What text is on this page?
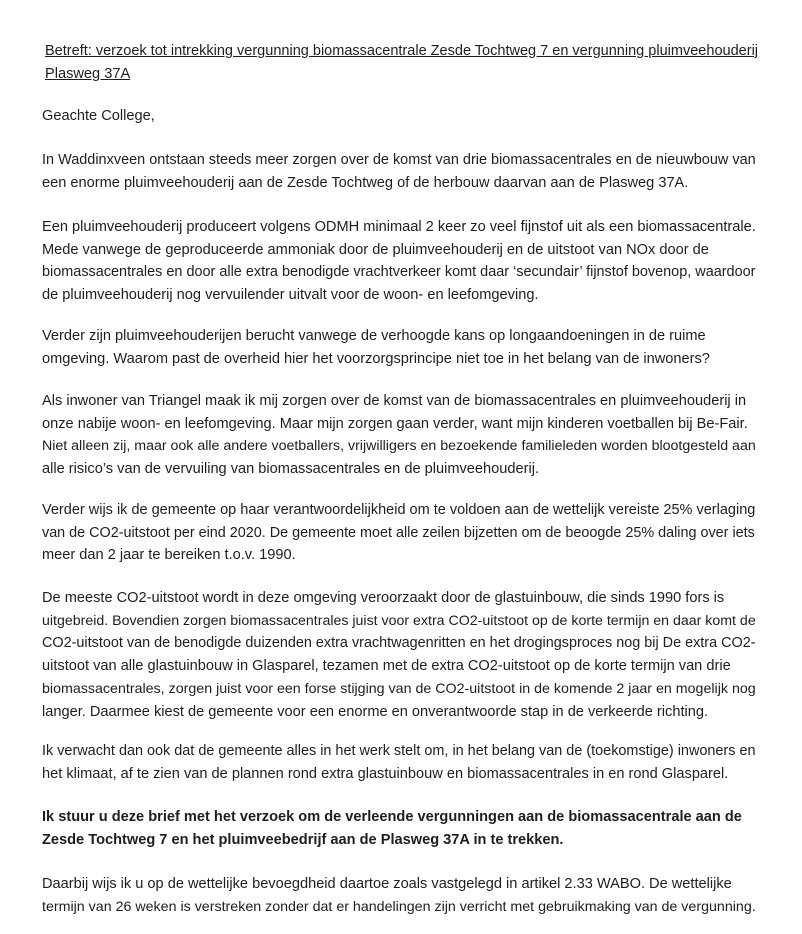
Betreft: verzoek tot intrekking vergunning biomassacentrale Zesde Tochtweg 7 en vergunning pluimveehouderij
Plasweg 37A

Geachte College,

In Waddinxveen ontstaan steeds meer zorgen over de komst van drie biomassacentrales en de nieuwbouw van
een enorme pluimveehouderij aan de Zesde Tochtweg of de herbouw daarvan aan de Plasweg 37A.

Een pluimveehouderij produceert volgens ODMH minimaal 2 keer zo veel fijnstof uit als een biomassacentrale.
Mede vanwege de geproduceerde ammoniak door de pluimveehouderij en de uitstoot van NOx door de
biomassacentrales en door alle extra benodigde vrachtverkeer komt daar ‘secundair’ fijnstof bovenop, waardoor
de pluimveehouderij nog vervuilender uitvalt voor de woon- en leefomgeving.

Verder zijn pluimveehouderijen berucht vanwege de verhoogde kans op longaandoeningen in de ruime
omgeving. Waarom past de overheid hier het voorzorgsprincipe niet toe in het belang van de inwoners?

Als inwoner van Triangel maak ik mij zorgen over de komst van de biomassacentrales en pluimveehouderij in
onze nabije woon- en leefomgeving. Maar mijn zorgen gaan verder, want mijn kinderen voetballen bij Be-Fair.
Niet alleen zij, maar ook alle andere voetballers, vrijwilligers en bezoekende familieleden worden blootgesteld aan
alle risico’s van de vervuiling van biomassacentrales en de pluimveehouderij.

Verder wijs ik de gemeente op haar verantwoordelijkheid om te voldoen aan de wettelijk vereiste 25% verlaging
van de CO2-uitstoot per eind 2020. De gemeente moet alle zeilen bijzetten om de beoogde 25% daling over iets
meer dan 2 jaar te bereiken t.o.v. 1990.

De meeste CO2-uitstoot wordt in deze omgeving veroorzaakt door de glastuinbouw, die sinds 1990 fors is
uitgebreid. Bovendien zorgen biomassacentrales juist voor extra CO2-uitstoot op de korte termijn en daar komt de
CO2-uitstoot van de benodigde duizenden extra vrachtwagenritten en het drogingsproces nog bij De extra CO2-
uitstoot van alle glastuinbouw in Glasparel, tezamen met de extra CO2-uitstoot op de korte termijn van drie
biomassacentrales, zorgen juist voor een forse stijging van de CO2-uitstoot in de komende 2 jaar en mogelijk nog
langer. Daarmee kiest de gemeente voor een enorme en onverantwoorde stap in de verkeerde richting.

Ik verwacht dan ook dat de gemeente alles in het werk stelt om, in het belang van de (toekomstige) inwoners en
het klimaat, af te zien van de plannen rond extra glastuinbouw en biomassacentrales in en rond Glasparel.

Ik stuur u deze brief met het verzoek om de verleende vergunningen aan de biomassacentrale aan de
Zesde Tochtweg 7 en het pluimveebedrijf aan de Plasweg 37A in te trekken.

Daarbij wijs ik u op de wettelijke bevoegdheid daartoe zoals vastgelegd in artikel 2.33 WABO. De wettelijke
termijn van 26 weken is verstreken zonder dat er handelingen zijn verricht met gebruikmaking van de vergunning.
